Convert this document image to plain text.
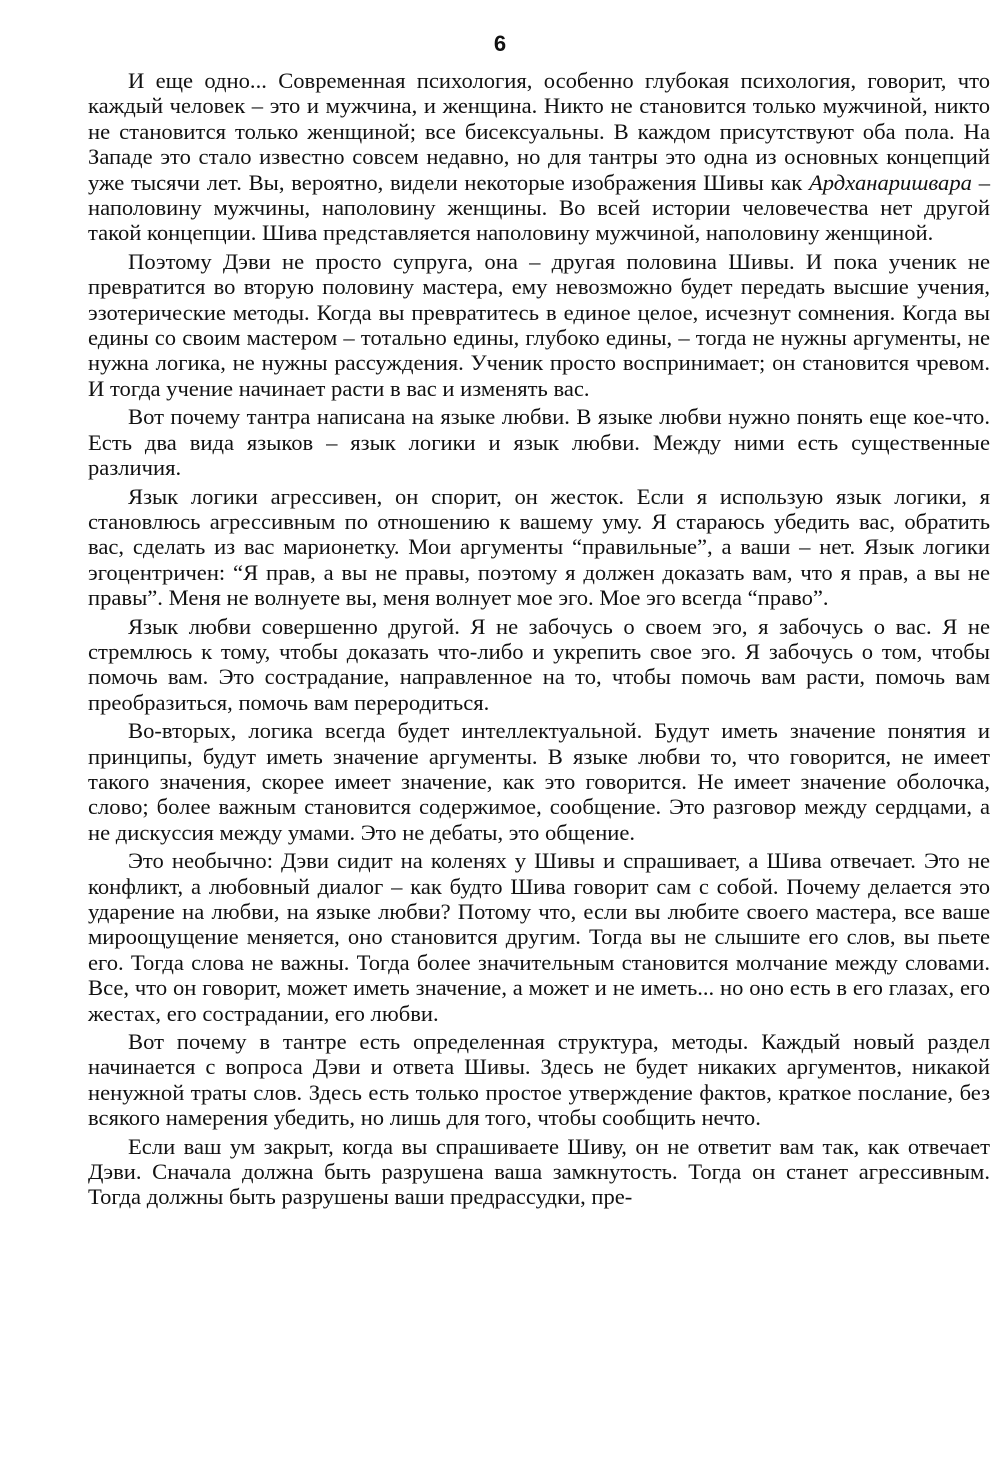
6

И еще одно... Современная психология, особенно глубокая психология, говорит, что каждый человек – это и мужчина, и женщина. Никто не становится только мужчиной, никто не становится только женщиной; все бисексуальны. В каждом присутствуют оба пола. На Западе это стало известно совсем недавно, но для тантры это одна из основных концепций уже тысячи лет. Вы, вероятно, видели некоторые изображения Шивы как Ардханаришвара – наполовину мужчины, наполовину женщины. Во всей истории человечества нет другой такой концепции. Шива представляется наполовину мужчиной, наполовину женщиной.

Поэтому Дэви не просто супруга, она – другая половина Шивы. И пока ученик не превратится во вторую половину мастера, ему невозможно будет передать высшие учения, эзотерические методы. Когда вы превратитесь в единое целое, исчезнут сомнения. Когда вы едины со своим мастером – тотально едины, глубоко едины, – тогда не нужны аргументы, не нужна логика, не нужны рассуждения. Ученик просто воспринимает; он становится чревом. И тогда учение начинает расти в вас и изменять вас.

Вот почему тантра написана на языке любви. В языке любви нужно понять еще кое-что. Есть два вида языков – язык логики и язык любви. Между ними есть существенные различия.

Язык логики агрессивен, он спорит, он жесток. Если я использую язык логики, я становлюсь агрессивным по отношению к вашему уму. Я стараюсь убедить вас, обратить вас, сделать из вас марионетку. Мои аргументы “правильные”, а ваши – нет. Язык логики эгоцентричен: “Я прав, а вы не правы, поэтому я должен доказать вам, что я прав, а вы не правы”. Меня не волнуете вы, меня волнует мое эго. Мое эго всегда “право”.

Язык любви совершенно другой. Я не забочусь о своем эго, я забочусь о вас. Я не стремлюсь к тому, чтобы доказать что-либо и укрепить свое эго. Я забочусь о том, чтобы помочь вам. Это сострадание, направленное на то, чтобы помочь вам расти, помочь вам преобразиться, помочь вам переродиться.

Во-вторых, логика всегда будет интеллектуальной. Будут иметь значение понятия и принципы, будут иметь значение аргументы. В языке любви то, что говорится, не имеет такого значения, скорее имеет значение, как это говорится. Не имеет значение оболочка, слово; более важным становится содержимое, сообщение. Это разговор между сердцами, а не дискуссия между умами. Это не дебаты, это общение.

Это необычно: Дэви сидит на коленях у Шивы и спрашивает, а Шива отвечает. Это не конфликт, а любовный диалог – как будто Шива говорит сам с собой. Почему делается это ударение на любви, на языке любви? Потому что, если вы любите своего мастера, все ваше мироощущение меняется, оно становится другим. Тогда вы не слышите его слов, вы пьете его. Тогда слова не важны. Тогда более значительным становится молчание между словами. Все, что он говорит, может иметь значение, а может и не иметь... но оно есть в его глазах, его жестах, его сострадании, его любви.

Вот почему в тантре есть определенная структура, методы. Каждый новый раздел начинается с вопроса Дэви и ответа Шивы. Здесь не будет никаких аргументов, никакой ненужной траты слов. Здесь есть только простое утверждение фактов, краткое послание, без всякого намерения убедить, но лишь для того, чтобы сообщить нечто.

Если ваш ум закрыт, когда вы спрашиваете Шиву, он не ответит вам так, как отвечает Дэви. Сначала должна быть разрушена ваша замкнутость. Тогда он станет агрессивным. Тогда должны быть разрушены ваши предрассудки, пре-
